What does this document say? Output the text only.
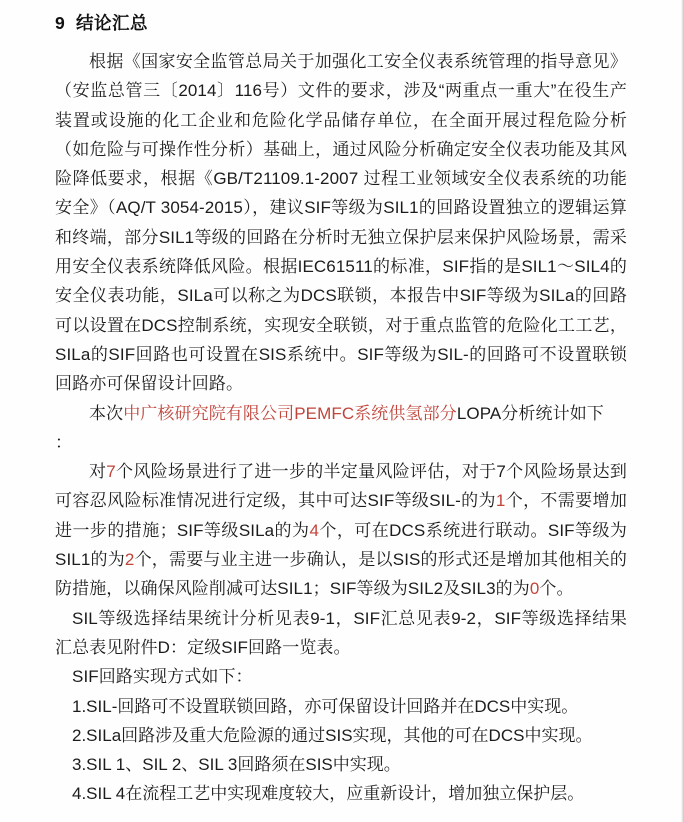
9  结论汇总

根据《国家安全监管总局关于加强化工安全仪表系统管理的指导意见》（安监总管三〔2014〕116号）文件的要求，涉及“两重点一重大”在役生产装置或设施的化工企业和危险化学品储存单位，在全面开展过程危险分析（如危险与可操作性分析）基础上，通过风险分析确定安全仪表功能及其风险降低要求，根据《GB/T21109.1-2007 过程工业领域安全仪表系统的功能安全》（AQ/T 3054-2015），建议SIF等级为SIL1的回路设置独立的逻辑运算和终端，部分SIL1等级的回路在分析时无独立保护层来保护风险场景，需采用安全仪表系统降低风险。根据IEC61511的标准，SIF指的是SIL1～SIL4的安全仪表功能，SILa可以称之为DCS联锁，本报告中SIF等级为SILa的回路可以设置在DCS控制系统，实现安全联锁，对于重点监管的危险化工工艺，SILa的SIF回路也可设置在SIS系统中。SIF等级为SIL-的回路可不设置联锁回路亦可保留设计回路。

本次中广核研究院有限公司PEMFC系统供氢部分LOPA分析统计如下

：

对7个风险场景进行了进一步的半定量风险评估，对于7个风险场景达到可容忍风险标准情况进行定级，其中可达SIF等级SIL-的为1个，不需要增加进一步的措施；SIF等级SILa的为4个，可在DCS系统进行联动。SIF等级为SIL1的为2个，需要与业主进一步确认，是以SIS的形式还是增加其他相关的防措施，以确保风险削减可达SIL1；SIF等级为SIL2及SIL3的为0个。

SIL等级选择结果统计分析见表9-1，SIF汇总见表9-2，SIF等级选择结果汇总表见附件D：定级SIF回路一览表。

SIF回路实现方式如下：

1.SIL-回路可不设置联锁回路，亦可保留设计回路并在DCS中实现。

2.SILa回路涉及重大危险源的通过SIS实现，其他的可在DCS中实现。

3.SIL 1、SIL 2、SIL 3回路须在SIS中实现。

4.SIL 4在流程工艺中实现难度较大，应重新设计，增加独立保护层。
